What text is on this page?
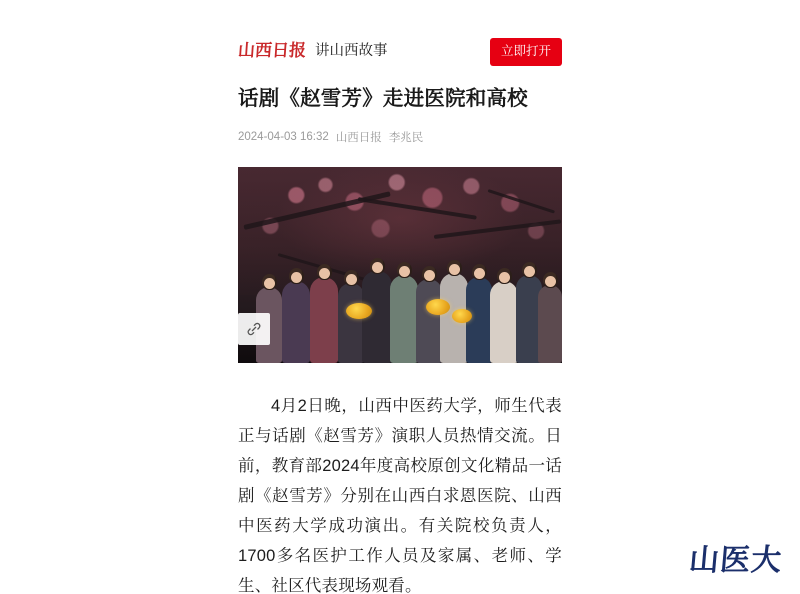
山西日报 讲山西故事	立即打开
话剧《赵雪芳》走进医院和高校
2024-04-03 16:32 山西日报 李兆民

4月2日晚，山西中医药大学，师生代表正与话剧《赵雪芳》演职人员热情交流。日前，教育部2024年度高校原创文化精品一话剧《赵雪芳》分别在山西白求恩医院、山西中医药大学成功演出。有关院校负责人，1700多名医护工作人员及家属、老师、学生、社区代表现场观看。

山医大
